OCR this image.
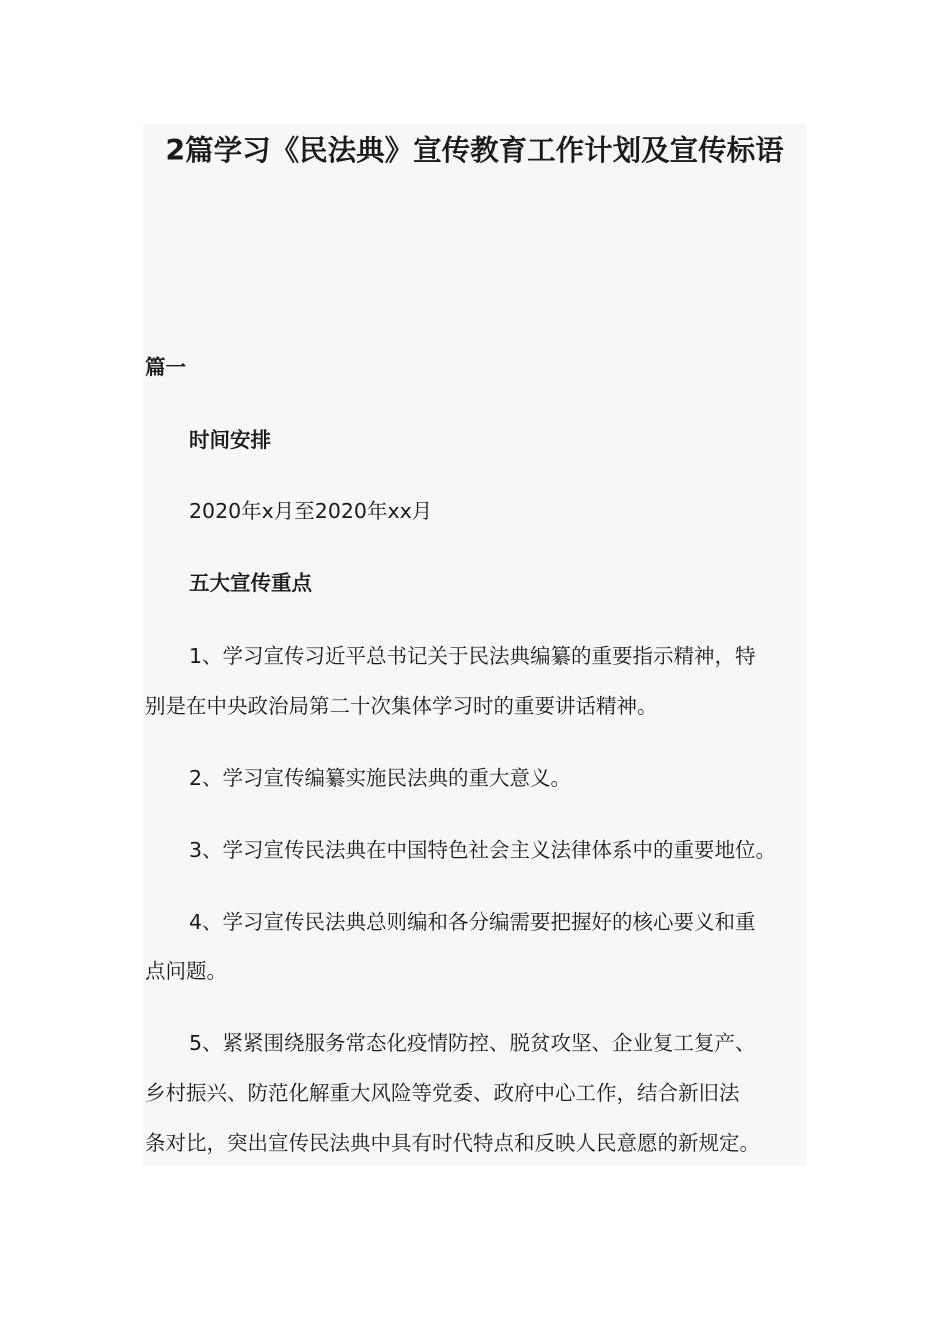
2篇学习《民法典》宣传教育工作计划及宣传标语

篇一

时间安排

2020年x月至2020年xx月

五大宣传重点

1、学习宣传习近平总书记关于民法典编纂的重要指示精神，特

别是在中央政治局第二十次集体学习时的重要讲话精神。

2、学习宣传编纂实施民法典的重大意义。

3、学习宣传民法典在中国特色社会主义法律体系中的重要地位。

4、学习宣传民法典总则编和各分编需要把握好的核心要义和重

点问题。

5、紧紧围绕服务常态化疫情防控、脱贫攻坚、企业复工复产、

乡村振兴、防范化解重大风险等党委、政府中心工作，结合新旧法

条对比，突出宣传民法典中具有时代特点和反映人民意愿的新规定。
